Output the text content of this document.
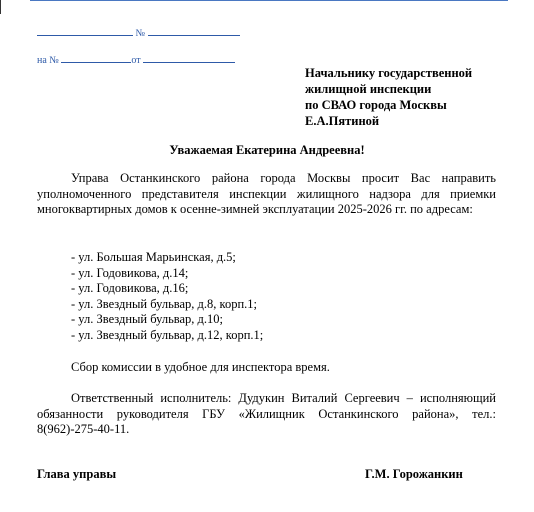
№
на №	от
Начальнику государственной
жилищной инспекции
по СВАО города Москвы
Е.А.Пятиной
Уважаемая Екатерина Андреевна!
Управа Останкинского района города Москвы просит Вас направить уполномоченного представителя инспекции жилищного надзора для приемки многоквартирных домов к осенне-зимней эксплуатации 2025-2026 гг. по адресам:
- ул. Большая Марьинская, д.5;
- ул. Годовикова, д.14;
- ул. Годовикова, д.16;
- ул. Звездный бульвар, д.8, корп.1;
- ул. Звездный бульвар, д.10;
- ул. Звездный бульвар, д.12, корп.1;
Сбор комиссии в удобное для инспектора время.
Ответственный исполнитель: Дудукин Виталий Сергеевич – исполняющий обязанности руководителя ГБУ «Жилищник Останкинского района», тел.: 8(962)-275-40-11.
Глава управы	Г.М. Горожанкин
